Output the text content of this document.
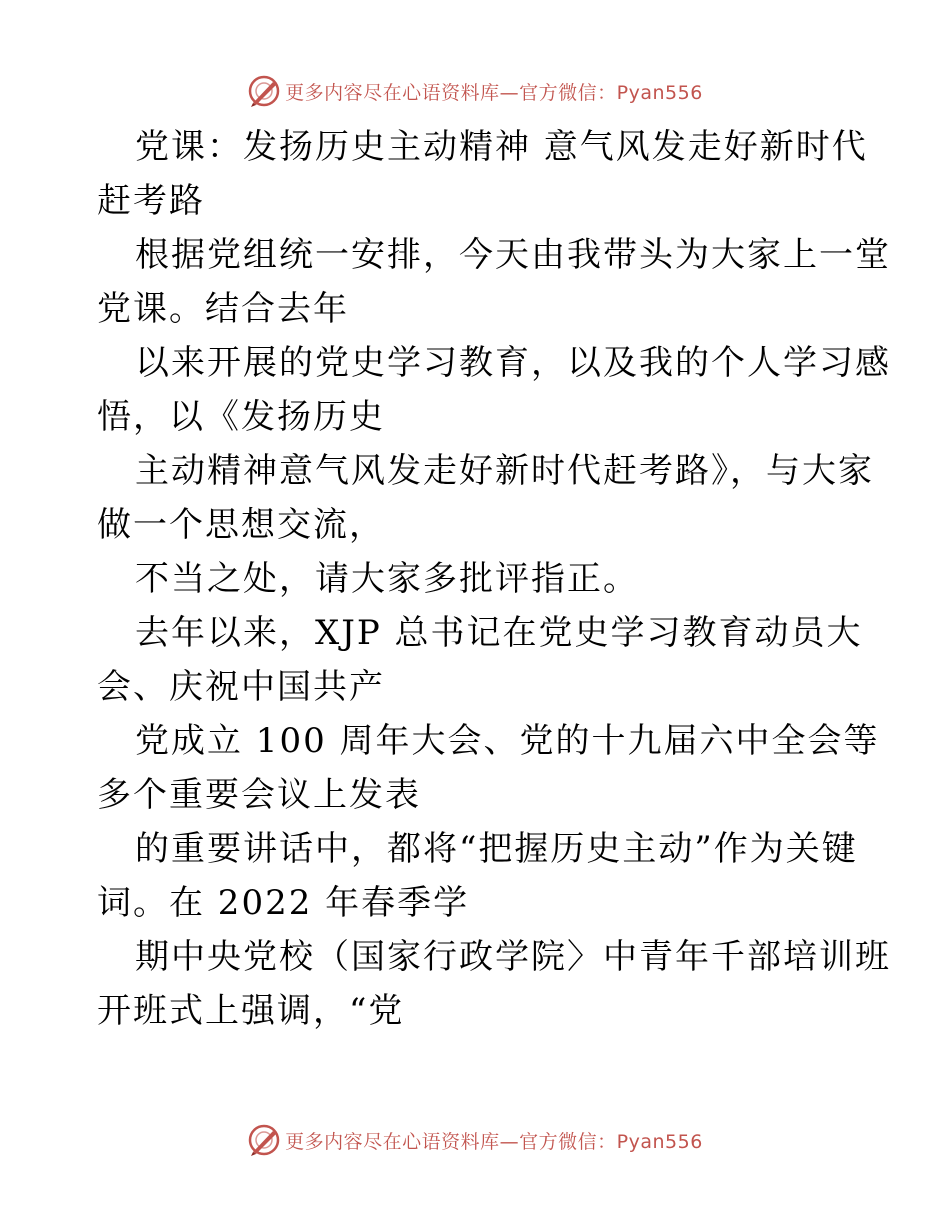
更多内容尽在心语资料库—官方微信：Pyan556
党课：发扬历史主动精神 意气风发走好新时代
赶考路
根据党组统一安排，今天由我带头为大家上一堂
党课。结合去年
以来开展的党史学习教育，以及我的个人学习感
悟，以《发扬历史
主动精神意气风发走好新时代赶考路》，与大家
做一个思想交流，
不当之处，请大家多批评指正。
去年以来，XJP 总书记在党史学习教育动员大
会、庆祝中国共产
党成立 100 周年大会、党的十九届六中全会等
多个重要会议上发表
的重要讲话中，都将“把握历史主动”作为关键
词。在 2022 年春季学
期中央党校（国家行政学院〉中青年千部培训班
开班式上强调，“党
更多内容尽在心语资料库—官方微信：Pyan556
